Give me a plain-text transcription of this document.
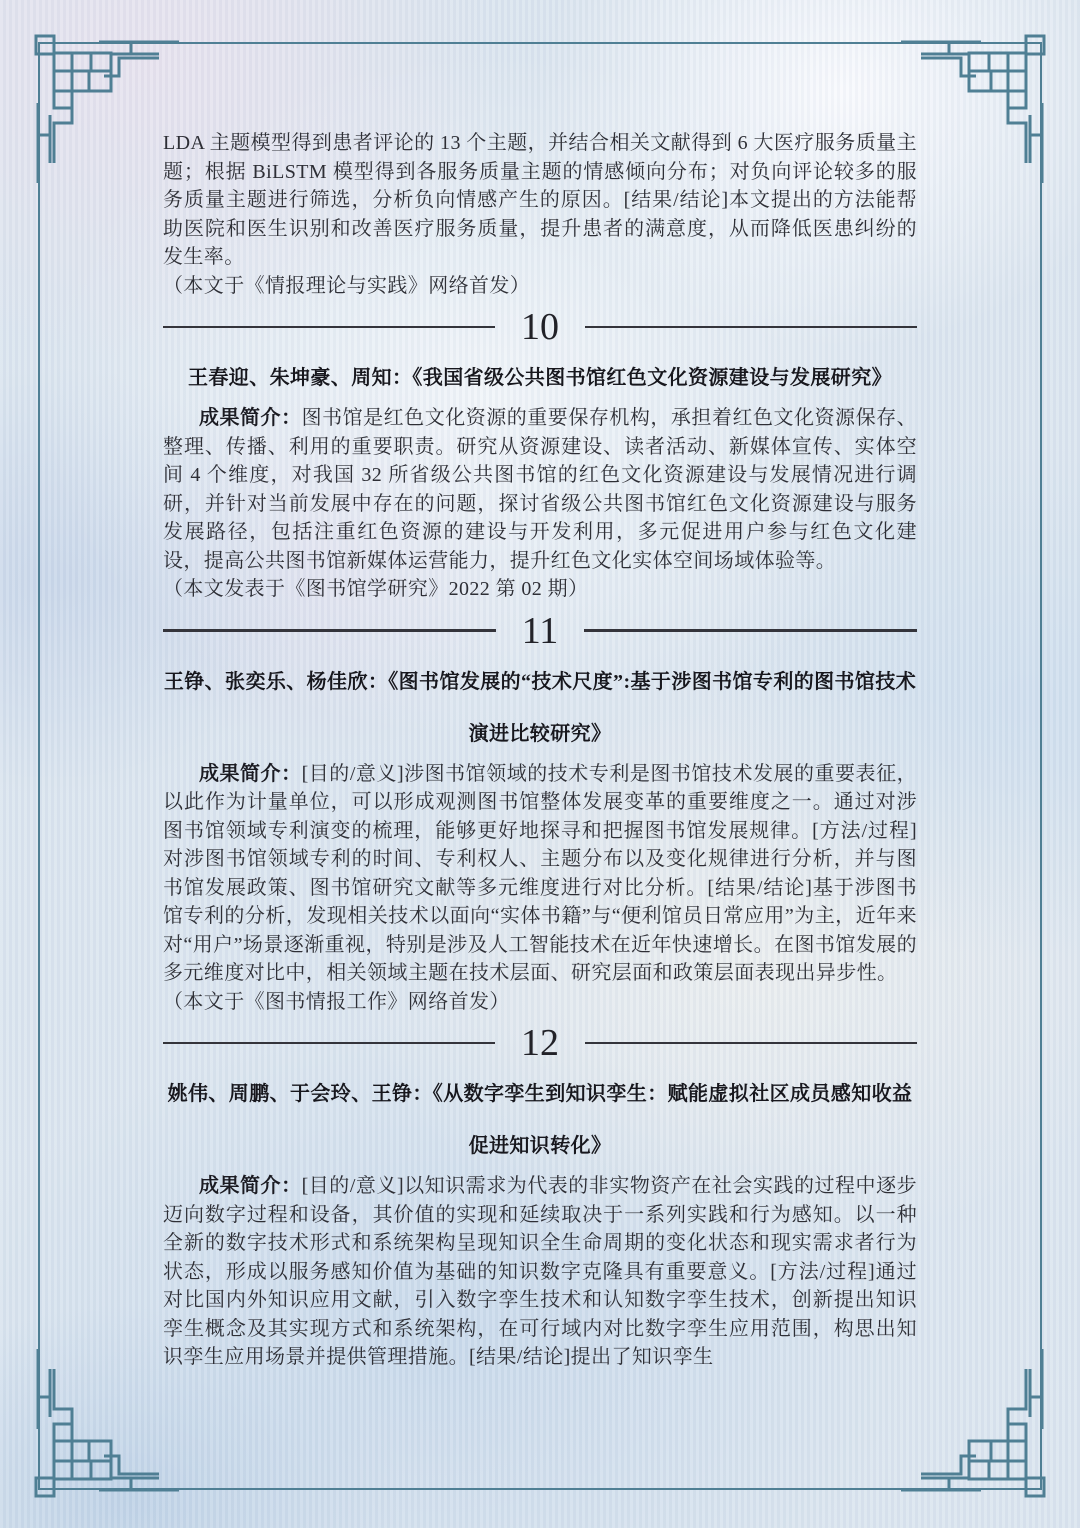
LDA 主题模型得到患者评论的 13 个主题，并结合相关文献得到 6 大医疗服务质量主题；根据 BiLSTM 模型得到各服务质量主题的情感倾向分布；对负向评论较多的服务质量主题进行筛选，分析负向情感产生的原因。[结果/结论]本文提出的方法能帮助医院和医生识别和改善医疗服务质量，提升患者的满意度，从而降低医患纠纷的发生率。

（本文于《情报理论与实践》网络首发）

10
王春迎、朱坤豪、周知：《我国省级公共图书馆红色文化资源建设与发展研究》

成果简介：图书馆是红色文化资源的重要保存机构，承担着红色文化资源保存、整理、传播、利用的重要职责。研究从资源建设、读者活动、新媒体宣传、实体空间 4 个维度，对我国 32 所省级公共图书馆的红色文化资源建设与发展情况进行调研，并针对当前发展中存在的问题，探讨省级公共图书馆红色文化资源建设与服务发展路径，包括注重红色资源的建设与开发利用，多元促进用户参与红色文化建设，提高公共图书馆新媒体运营能力，提升红色文化实体空间场域体验等。

（本文发表于《图书馆学研究》2022 第 02 期）

11
王铮、张奕乐、杨佳欣：《图书馆发展的“技术尺度”:基于涉图书馆专利的图书馆技术演进比较研究》

成果简介：[目的/意义]涉图书馆领域的技术专利是图书馆技术发展的重要表征，以此作为计量单位，可以形成观测图书馆整体发展变革的重要维度之一。通过对涉图书馆领域专利演变的梳理，能够更好地探寻和把握图书馆发展规律。[方法/过程]对涉图书馆领域专利的时间、专利权人、主题分布以及变化规律进行分析，并与图书馆发展政策、图书馆研究文献等多元维度进行对比分析。[结果/结论]基于涉图书馆专利的分析，发现相关技术以面向“实体书籍”与“便利馆员日常应用”为主，近年来对“用户”场景逐渐重视，特别是涉及人工智能技术在近年快速增长。在图书馆发展的多元维度对比中，相关领域主题在技术层面、研究层面和政策层面表现出异步性。

（本文于《图书情报工作》网络首发）

12
姚伟、周鹏、于会玲、王铮：《从数字孪生到知识孪生：赋能虚拟社区成员感知收益促进知识转化》

成果简介：[目的/意义]以知识需求为代表的非实物资产在社会实践的过程中逐步迈向数字过程和设备，其价值的实现和延续取决于一系列实践和行为感知。以一种全新的数字技术形式和系统架构呈现知识全生命周期的变化状态和现实需求者行为状态，形成以服务感知价值为基础的知识数字克隆具有重要意义。[方法/过程]通过对比国内外知识应用文献，引入数字孪生技术和认知数字孪生技术，创新提出知识孪生概念及其实现方式和系统架构，在可行域内对比数字孪生应用范围，构思出知识孪生应用场景并提供管理措施。[结果/结论]提出了知识孪生
